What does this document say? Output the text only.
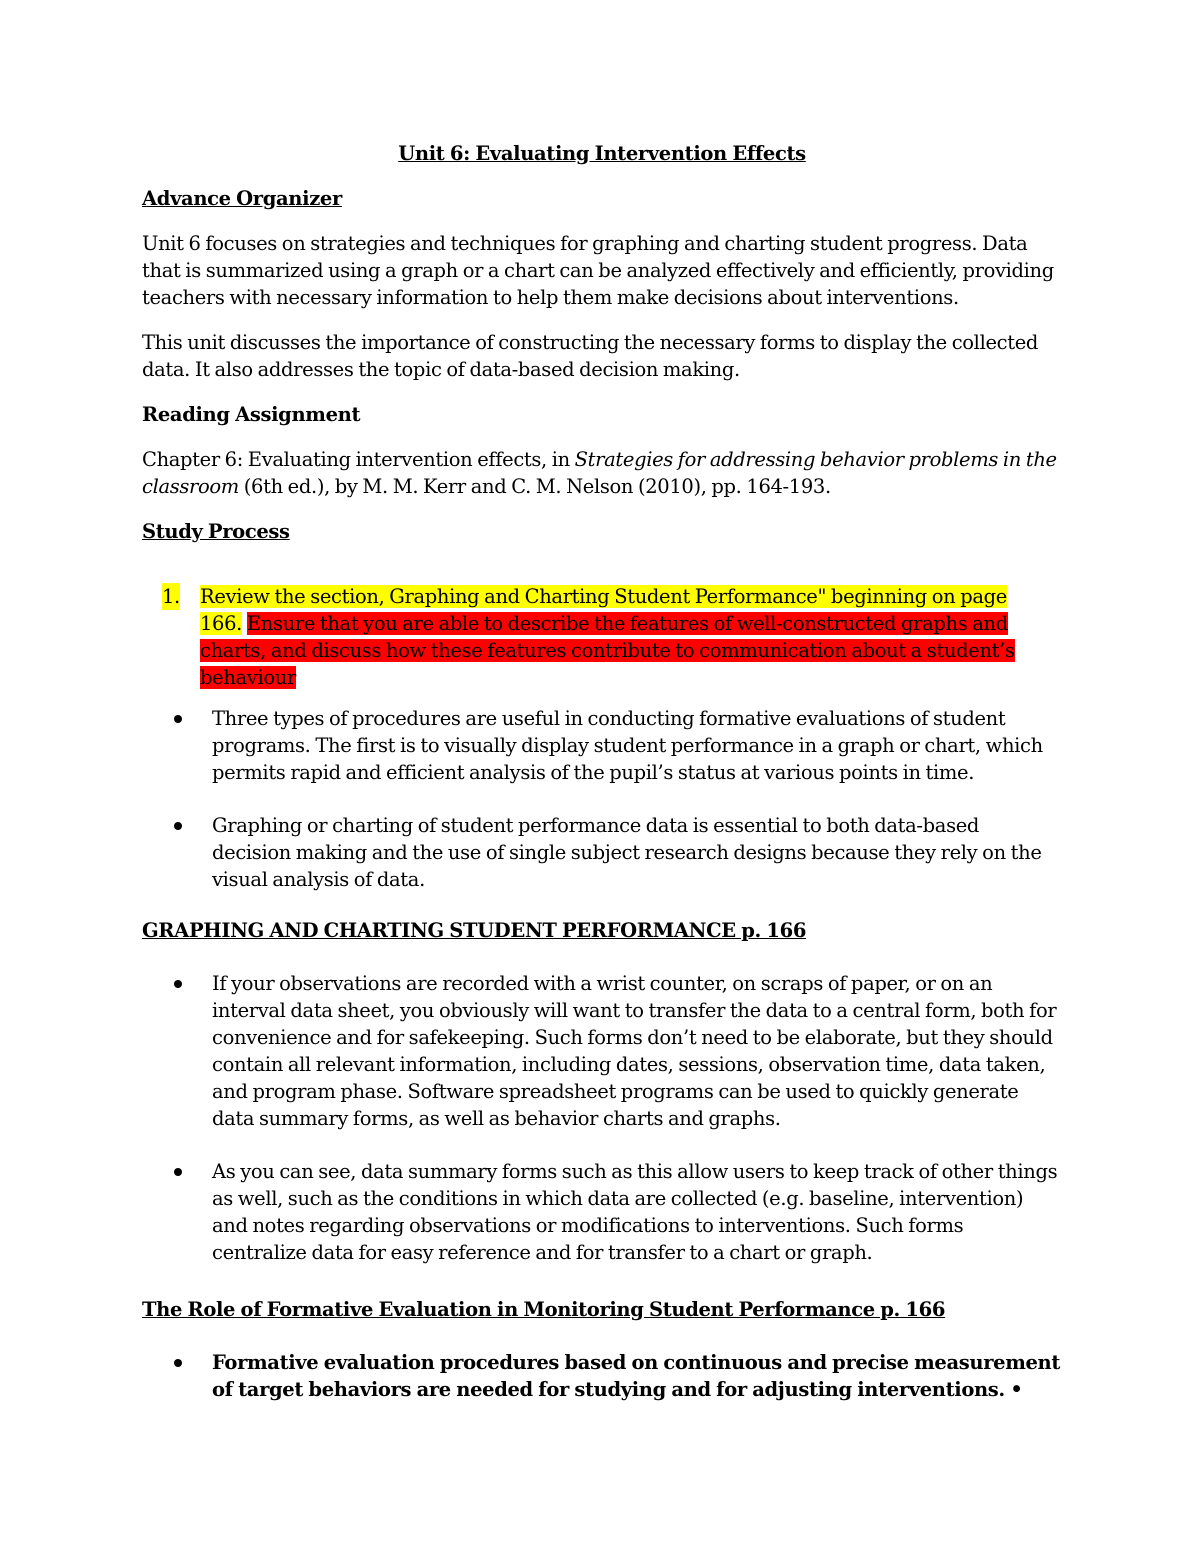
Unit 6: Evaluating Intervention Effects
Advance Organizer

Unit 6 focuses on strategies and techniques for graphing and charting student progress. Data that is summarized using a graph or a chart can be analyzed effectively and efficiently, providing teachers with necessary information to help them make decisions about interventions.

This unit discusses the importance of constructing the necessary forms to display the collected data. It also addresses the topic of data-based decision making.

Reading Assignment

Chapter 6: Evaluating intervention effects, in Strategies for addressing behavior problems in the classroom (6th ed.), by M. M. Kerr and C. M. Nelson (2010), pp. 164-193.

Study Process
1. Review the section, Graphing and Charting Student Performance" beginning on page 166. Ensure that you are able to describe the features of well-constructed graphs and charts, and discuss how these features contribute to communication about a student’s behaviour
Three types of procedures are useful in conducting formative evaluations of student programs. The first is to visually display student performance in a graph or chart, which permits rapid and efficient analysis of the pupil’s status at various points in time.
Graphing or charting of student performance data is essential to both data-based decision making and the use of single subject research designs because they rely on the visual analysis of data.
GRAPHING AND CHARTING STUDENT PERFORMANCE p. 166
If your observations are recorded with a wrist counter, on scraps of paper, or on an interval data sheet, you obviously will want to transfer the data to a central form, both for convenience and for safekeeping. Such forms don’t need to be elaborate, but they should contain all relevant information, including dates, sessions, observation time, data taken, and program phase. Software spreadsheet programs can be used to quickly generate data summary forms, as well as behavior charts and graphs.
As you can see, data summary forms such as this allow users to keep track of other things as well, such as the conditions in which data are collected (e.g. baseline, intervention) and notes regarding observations or modifications to interventions. Such forms centralize data for easy reference and for transfer to a chart or graph.
The Role of Formative Evaluation in Monitoring Student Performance p. 166
Formative evaluation procedures based on continuous and precise measurement of target behaviors are needed for studying and for adjusting interventions. •
